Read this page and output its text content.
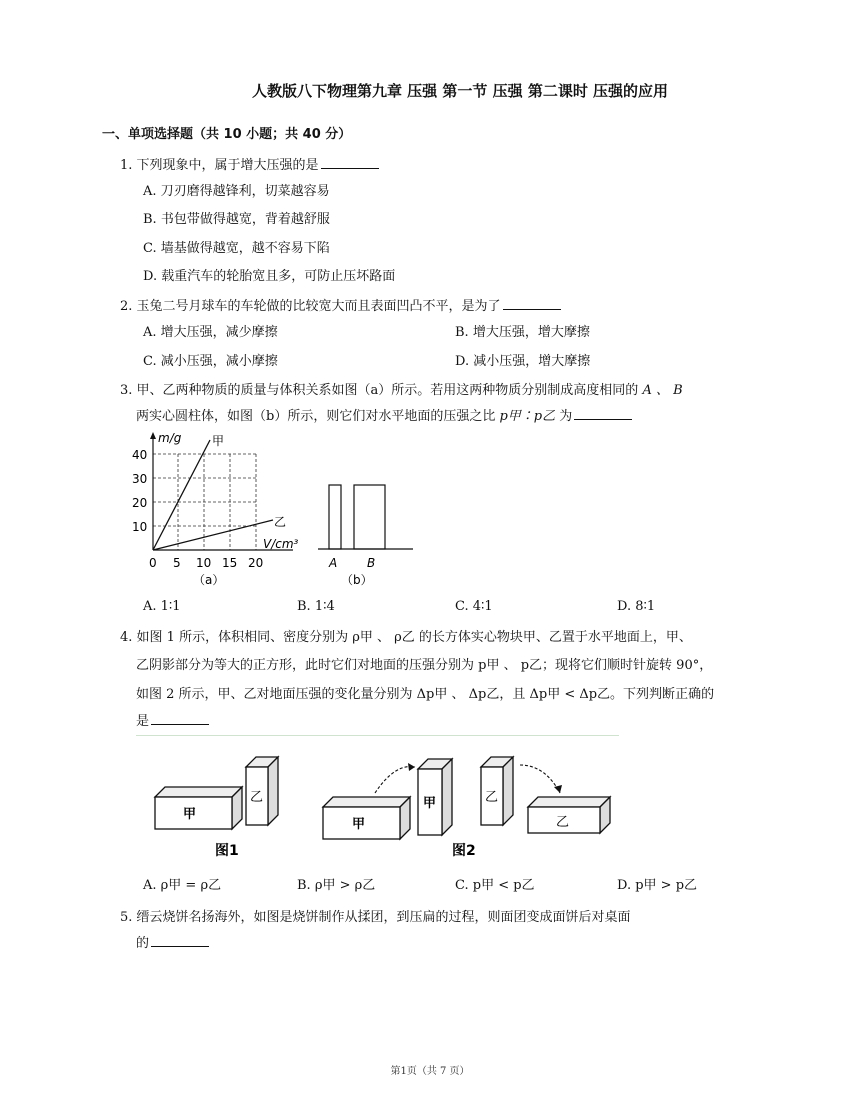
人教版八下物理第九章 压强 第一节 压强 第二课时 压强的应用
一、单项选择题（共 10 小题；共 40 分）
1. 下列现象中，属于增大压强的是
A. 刀刃磨得越锋利，切菜越容易
B. 书包带做得越宽，背着越舒服
C. 墙基做得越宽，越不容易下陷
D. 载重汽车的轮胎宽且多，可防止压坏路面
2. 玉兔二号月球车的车轮做的比较宽大而且表面凹凸不平，是为了
A. 增大压强，减少摩擦	B. 增大压强，增大摩擦
C. 减小压强，减小摩擦	D. 减小压强，增大摩擦
3. 甲、乙两种物质的质量与体积关系如图（a）所示。若用这两种物质分别制成高度相同的 A 、 B
两实心圆柱体，如图（b）所示，则它们对水平地面的压强之比 p甲∶p乙 为
甲
乙
m/g
V/cm³
40
30
20
10
0 5 10 15 20
（a）
A B
（b）
A. 1∶1	B. 1∶4	C. 4∶1	D. 8∶1
4. 如图 1 所示，体积相同、密度分别为 ρ甲 、 ρ乙 的长方体实心物块甲、乙置于水平地面上，甲、
乙阴影部分为等大的正方形，此时它们对地面的压强分别为 p甲 、 p乙；现将它们顺时针旋转 90°，
如图 2 所示，甲、乙对地面压强的变化量分别为 Δp甲 、 Δp乙，且 Δp甲 < Δp乙。下列判断正确的
是
甲
乙
甲
甲	乙
乙
图1	图2
A. ρ甲 = ρ乙	B. ρ甲 > ρ乙	C. p甲 < p乙	D. p甲 > p乙
5. 缙云烧饼名扬海外，如图是烧饼制作从揉团，到压扁的过程，则面团变成面饼后对桌面
的
第1页（共 7 页）
